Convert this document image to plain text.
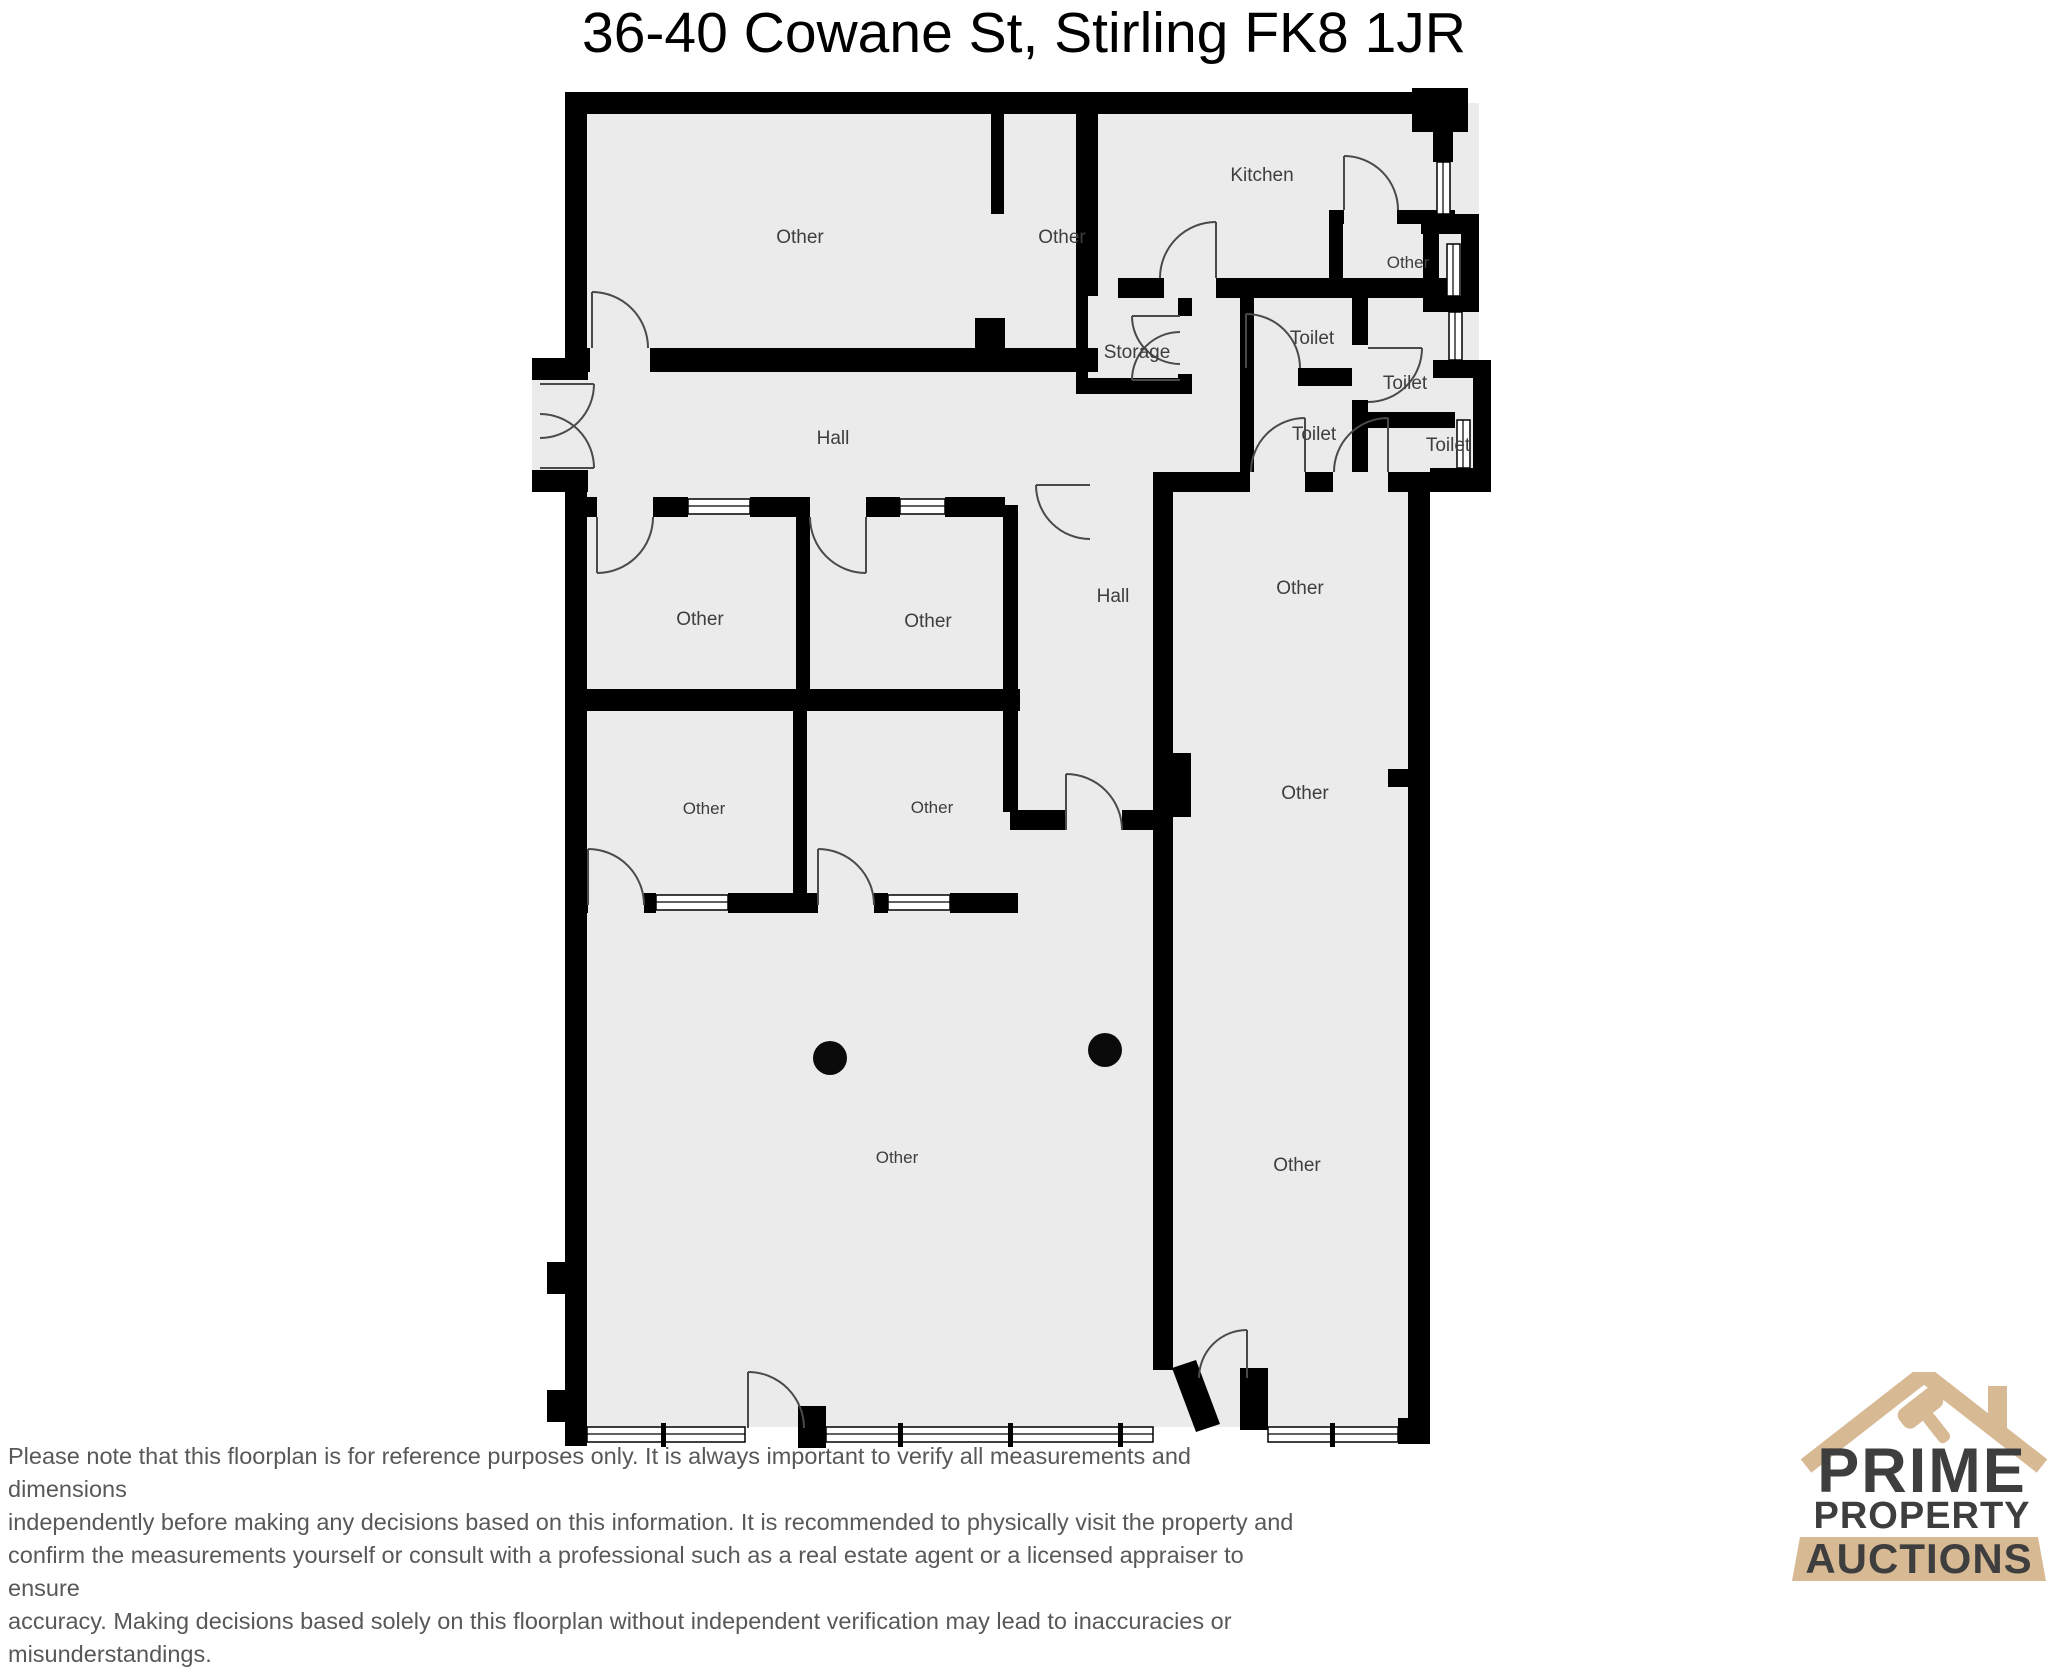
36-40 Cowane St, Stirling FK8 1JR
Other	Other
Kitchen
Other
Storage
Toilet
Toilet
Toilet
Toilet
Hall
Hall
Other	Other
Other
Other	Other
Other
Other	Other
Please note that this floorplan is for reference purposes only. It is always important to verify all measurements and dimensions
independently before making any decisions based on this information. It is recommended to physically visit the property and
confirm the measurements yourself or consult with a professional such as a real estate agent or a licensed appraiser to ensure
accuracy. Making decisions based solely on this floorplan without independent verification may lead to inaccuracies or misunderstandings.
PRIME
PROPERTY
AUCTIONS
